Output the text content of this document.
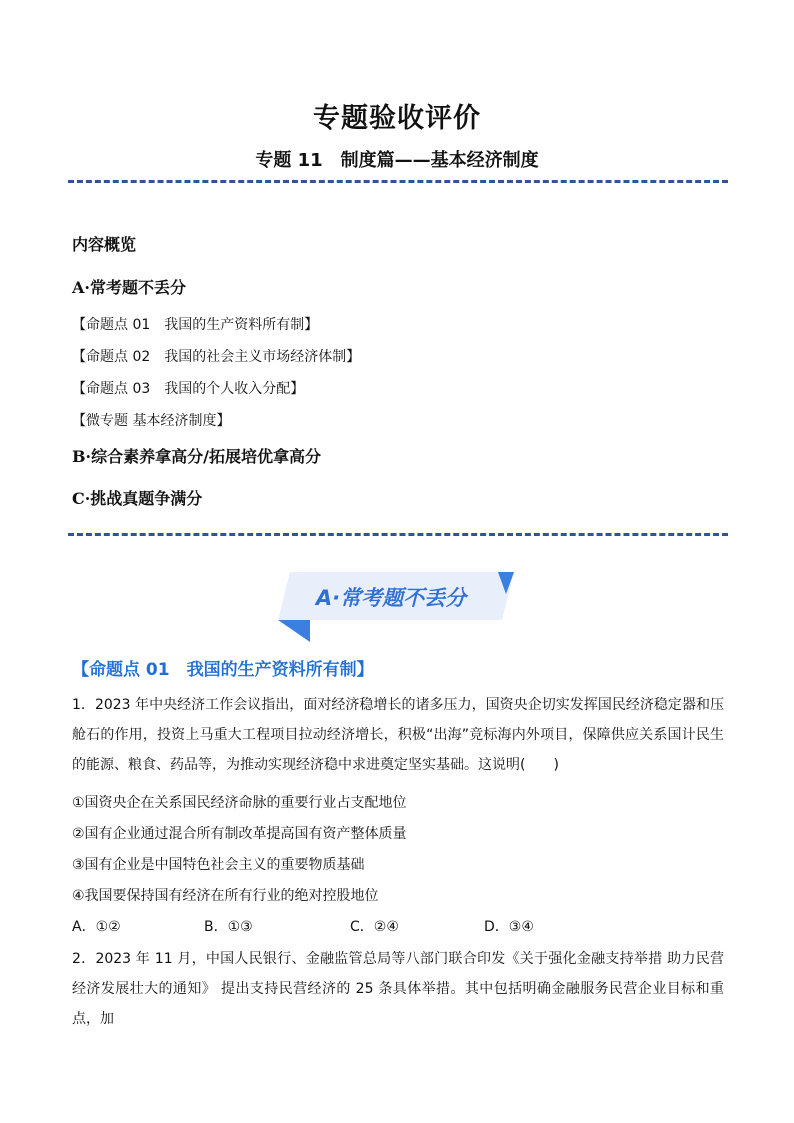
专题验收评价
专题 11　制度篇——基本经济制度
内容概览
A·常考题不丢分
【命题点 01　我国的生产资料所有制】
【命题点 02　我国的社会主义市场经济体制】
【命题点 03　我国的个人收入分配】
【微专题 基本经济制度】
B·综合素养拿高分/拓展培优拿高分
C·挑战真题争满分
A·常考题不丢分
【命题点 01　我国的生产资料所有制】
1．2023 年中央经济工作会议指出，面对经济稳增长的诸多压力，国资央企切实发挥国民经济稳定器和压舱石的作用，投资上马重大工程项目拉动经济增长，积极“出海”竞标海内外项目，保障供应关系国计民生的能源、粮食、药品等，为推动实现经济稳中求进奠定坚实基础。这说明(　　)
①国资央企在关系国民经济命脉的重要行业占支配地位
②国有企业通过混合所有制改革提高国有资产整体质量
③国有企业是中国特色社会主义的重要物质基础
④我国要保持国有经济在所有行业的绝对控股地位
A．①②	B．①③	C．②④	D．③④
2．2023 年 11 月，中国人民银行、金融监管总局等八部门联合印发《关于强化金融支持举措 助力民营经济发展壮大的通知》 提出支持民营经济的 25 条具体举措。其中包括明确金融服务民营企业目标和重点，加
